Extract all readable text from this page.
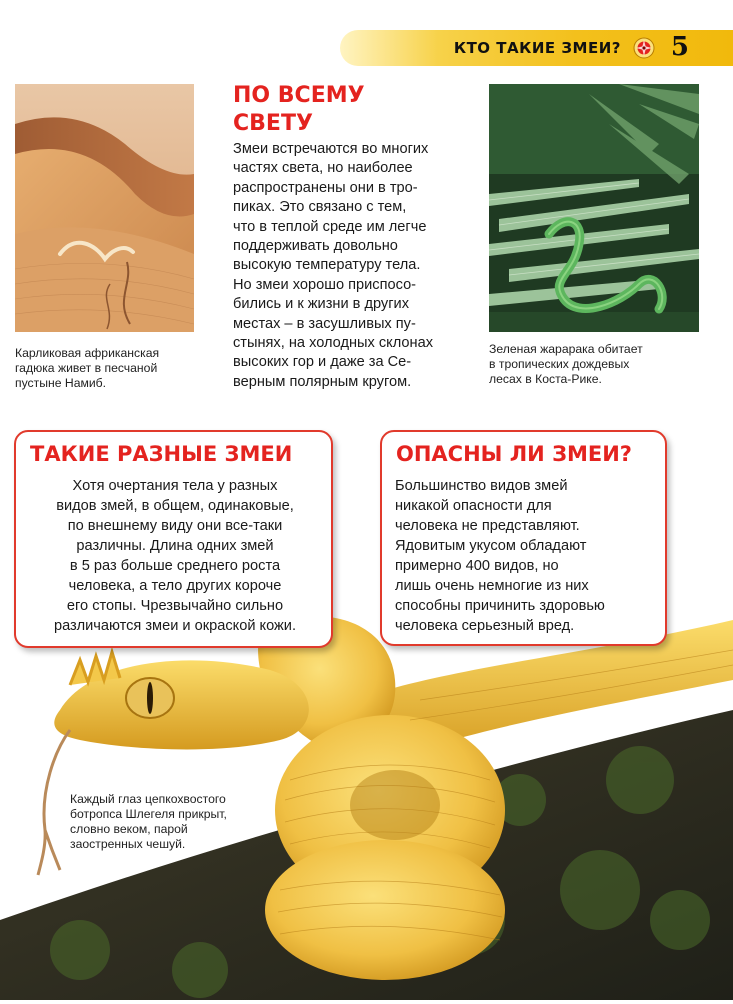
КТО ТАКИЕ ЗМЕИ? 5
Карликовая африканская
гадюка живет в песчаной
пустыне Намиб.
ПО ВСЕМУ
СВЕТУ
Змеи встречаются во многих
частях света, но наиболее
распространены они в тро-
пиках. Это связано с тем,
что в теплой среде им легче
поддерживать довольно
высокую температуру тела.
Но змеи хорошо приспосо-
бились и к жизни в других
местах – в засушливых пу-
стынях, на холодных склонах
высоких гор и даже за Се-
верным полярным кругом.
Зеленая жарарака обитает
в тропических дождевых
лесах в Коста-Рике.
Каждый глаз цепкохвостого
ботропса Шлегеля прикрыт,
словно веком, парой
заостренных чешуй.
ТАКИЕ РАЗНЫЕ ЗМЕИ
Хотя очертания тела у разных
видов змей, в общем, одинаковые,
по внешнему виду они все-таки
различны. Длина одних змей
в 5 раз больше среднего роста
человека, а тело других короче
его стопы. Чрезвычайно сильно
различаются змеи и окраской кожи.
ОПАСНЫ ЛИ ЗМЕИ?
Большинство видов змей
никакой опасности для
человека не представляют.
Ядовитым укусом обладают
примерно 400 видов, но
лишь очень немногие из них
способны причинить здоровью
человека серьезный вред.
